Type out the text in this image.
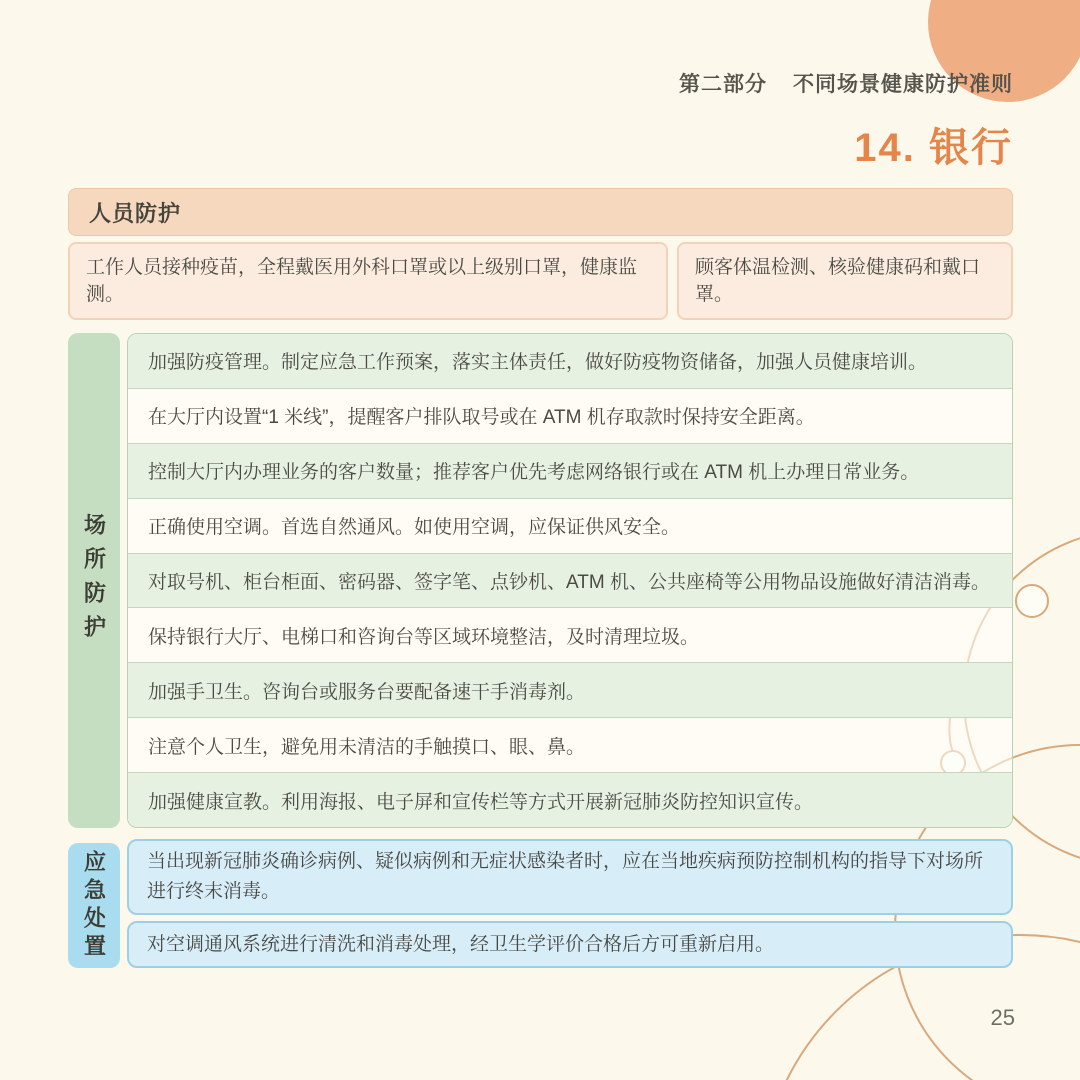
第二部分 不同场景健康防护准则
14. 银行
人员防护
工作人员接种疫苗，全程戴医用外科口罩或以上级别口罩，健康监测。
顾客体温检测、核验健康码和戴口罩。
场所防护
加强防疫管理。制定应急工作预案，落实主体责任，做好防疫物资储备，加强人员健康培训。
在大厅内设置“1 米线”，提醒客户排队取号或在 ATM 机存取款时保持安全距离。
控制大厅内办理业务的客户数量；推荐客户优先考虑网络银行或在 ATM 机上办理日常业务。
正确使用空调。首选自然通风。如使用空调，应保证供风安全。
对取号机、柜台柜面、密码器、签字笔、点钞机、ATM 机、公共座椅等公用物品设施做好清洁消毒。
保持银行大厅、电梯口和咨询台等区域环境整洁，及时清理垃圾。
加强手卫生。咨询台或服务台要配备速干手消毒剂。
注意个人卫生，避免用未清洁的手触摸口、眼、鼻。
加强健康宣教。利用海报、电子屏和宣传栏等方式开展新冠肺炎防控知识宣传。
应急处置	当出现新冠肺炎确诊病例、疑似病例和无症状感染者时，应在当地疾病预防控制机构的指导下对场所进行终末消毒。
对空调通风系统进行清洗和消毒处理，经卫生学评价合格后方可重新启用。
25
